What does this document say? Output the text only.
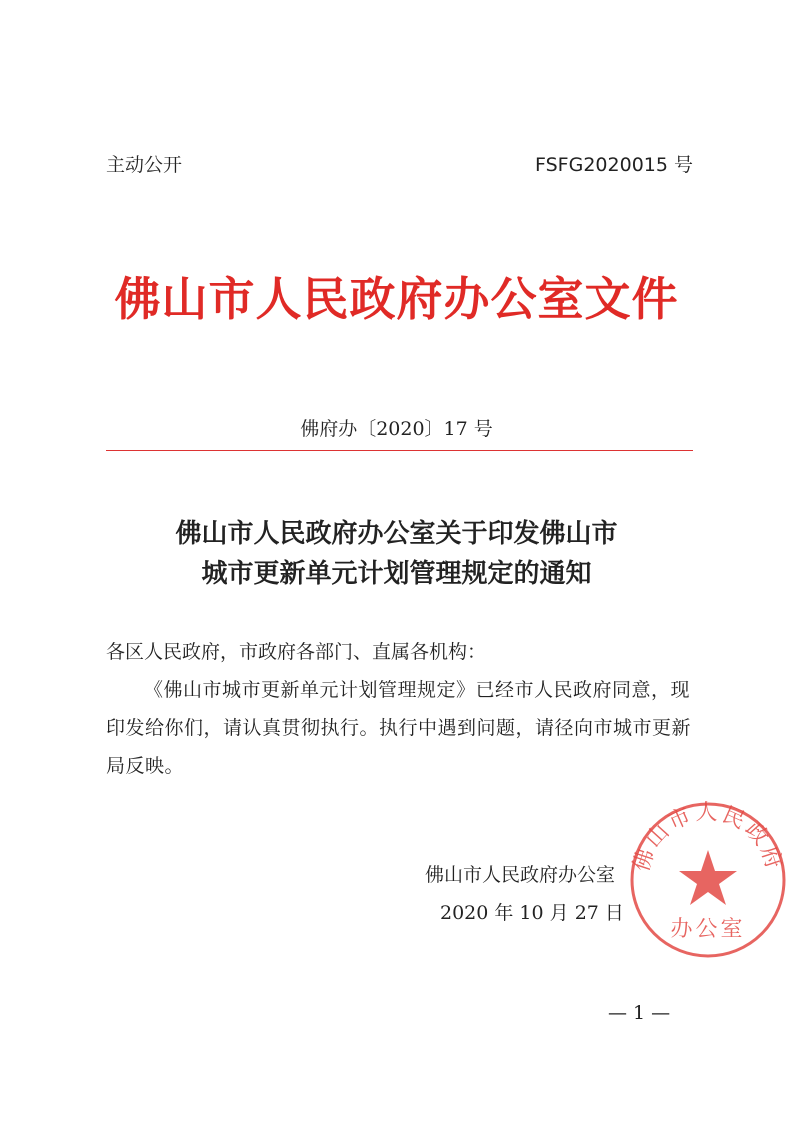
主动公开	FSFG2020015 号
佛山市人民政府办公室文件
佛府办〔2020〕17 号
佛山市人民政府办公室关于印发佛山市
城市更新单元计划管理规定的通知
各区人民政府，市政府各部门、直属各机构：
《佛山市城市更新单元计划管理规定》已经市人民政府同意，现印发给你们，请认真贯彻执行。执行中遇到问题，请径向市城市更新局反映。
佛山市人民政府
办公室
佛山市人民政府办公室
2020 年 10 月 27 日
— 1 —
